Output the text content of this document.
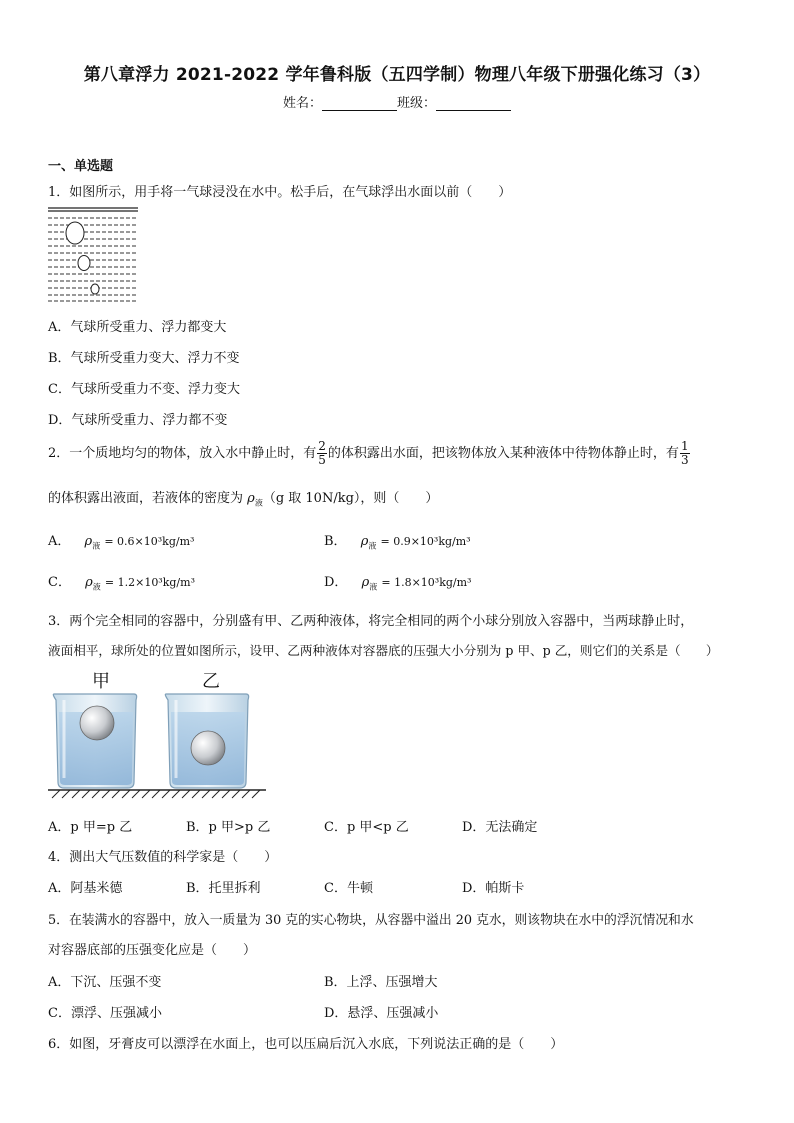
第八章浮力 2021-2022 学年鲁科版（五四学制）物理八年级下册强化练习（3）
姓名：	班级：
一、单选题
1．如图所示，用手将一气球浸没在水中。松手后，在气球浮出水面以前（　　）
A．气球所受重力、浮力都变大
B．气球所受重力变大、浮力不变
C．气球所受重力不变、浮力变大
D．气球所受重力、浮力都不变
2．一个质地均匀的物体，放入水中静止时，有 $\frac{2}{5}$ 的体积露出水面，把该物体放入某种液体中待物体静止时，有 $\frac{1}{3}$
的体积露出液面，若液体的密度为 $\rho_液(g$ 取 10N/kg），则（　　）
A． $\rho_液 = 0.6\times 10^3kg/m^3$	B． $\rho_液 = 0.9\times 10^3kg/m^3$
C． $\rho_液 = 1.2\times 10^3kg/m^3$	D． $\rho_液 = 1.8\times 10^3kg/m^3$
3．两个完全相同的容器中，分别盛有甲、乙两种液体，将完全相同的两个小球分别放入容器中，当两球静止时，
液面相平，球所处的位置如图所示，设甲、乙两种液体对容器底的压强大小分别为 p 甲、p 乙，则它们的关系是（　　）
甲	乙
A．p 甲=p 乙	B．p 甲>p 乙	C．p 甲<p 乙	D．无法确定
4．测出大气压数值的科学家是（　　）
A．阿基米德	B．托里拆利	C．牛顿	D．帕斯卡
5．在装满水的容器中，放入一质量为 30 克的实心物块，从容器中溢出 20 克水，则该物块在水中的浮沉情况和水
对容器底部的压强变化应是（　　）
A．下沉、压强不变	B．上浮、压强增大
C．漂浮、压强减小	D．悬浮、压强减小
6．如图，牙膏皮可以漂浮在水面上，也可以压扁后沉入水底，下列说法正确的是（　　）
